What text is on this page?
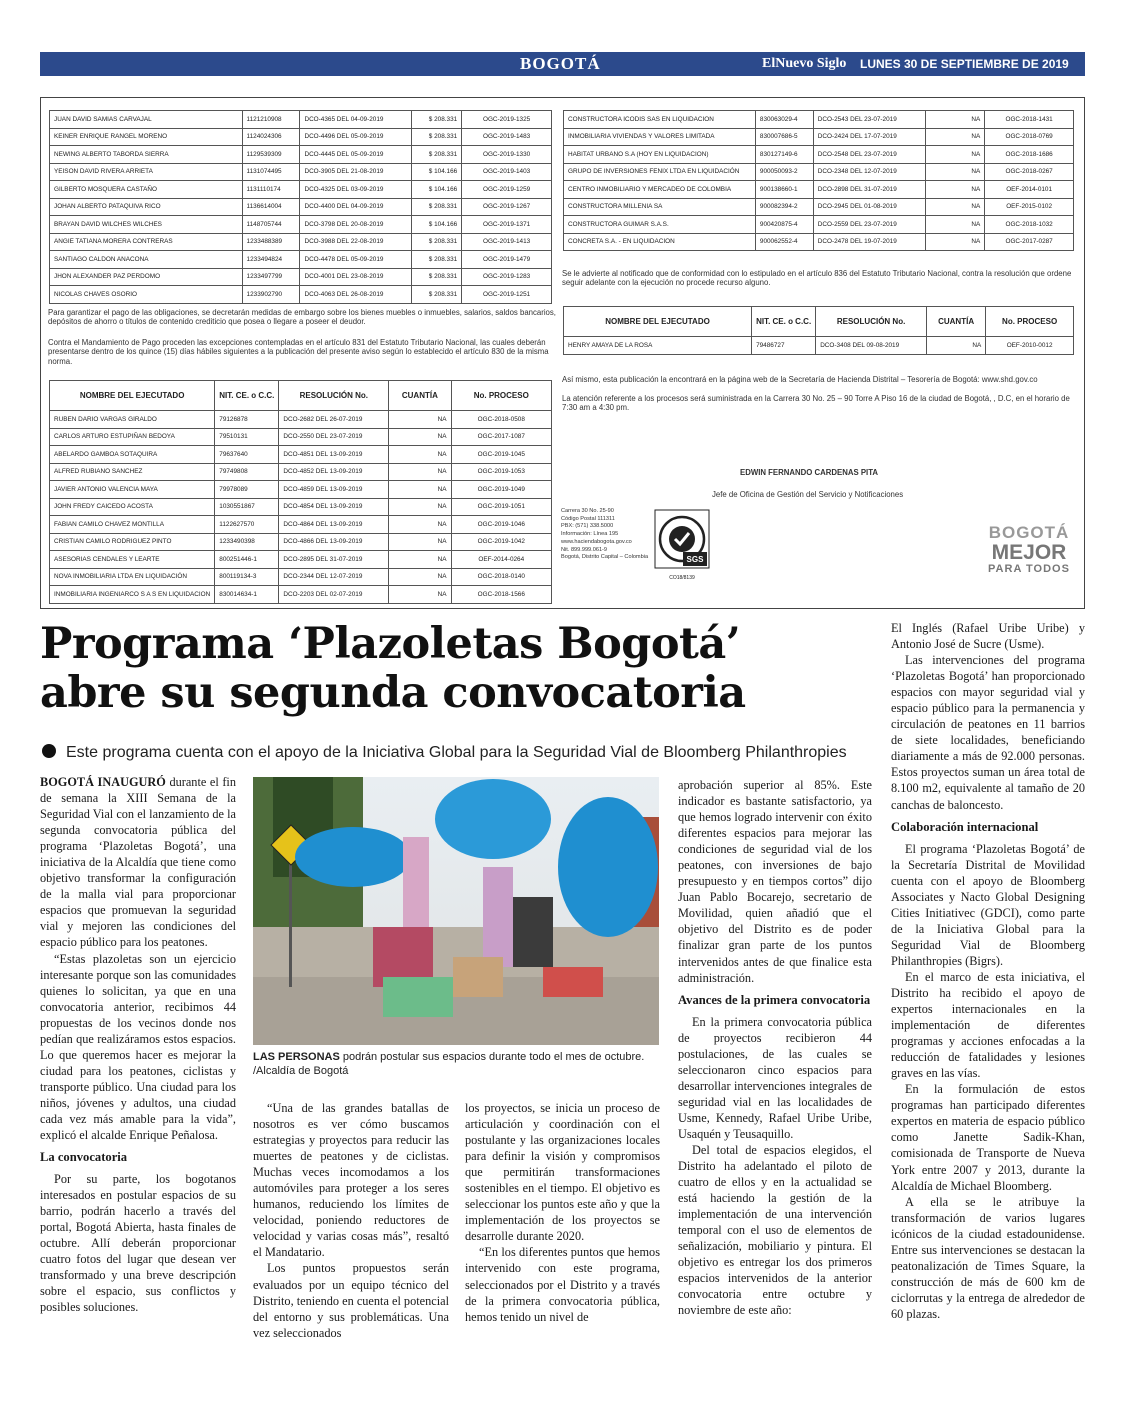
BOGOTÁ	ElNuevo Siglo LUNES 30 DE SEPTIEMBRE DE 2019 11B
JUAN DAVID SAMIAS CARVAJAL	1121210908	DCO-4365 DEL 04-09-2019	$ 208.331	OGC-2019-1325
KEINER ENRIQUE RANGEL MORENO	1124024306	DCO-4496 DEL 05-09-2019	$ 208.331	OGC-2019-1483
NEWING ALBERTO TABORDA SIERRA	1129539309	DCO-4445 DEL 05-09-2019	$ 208.331	OGC-2019-1330
YEISON DAVID RIVERA ARRIETA	1131074495	DCO-3905 DEL 21-08-2019	$ 104.166	OGC-2019-1403
GILBERTO MOSQUERA CASTAÑO	1131110174	DCO-4325 DEL 03-09-2019	$ 104.166	OGC-2019-1259
JOHAN ALBERTO PATAQUIVA RICO	1136614004	DCO-4400 DEL 04-09-2019	$ 208.331	OGC-2019-1267
BRAYAN DAVID WILCHES WILCHES	1148705744	DCO-3798 DEL 20-08-2019	$ 104.166	OGC-2019-1371
ANGIE TATIANA MORERA CONTRERAS	1233488389	DCO-3988 DEL 22-08-2019	$ 208.331	OGC-2019-1413
SANTIAGO CALDON ANACONA	1233494824	DCO-4478 DEL 05-09-2019	$ 208.331	OGC-2019-1479
JHON ALEXANDER PAZ PERDOMO	1233497799	DCO-4001 DEL 23-08-2019	$ 208.331	OGC-2019-1283
NICOLAS CHAVES OSORIO	1233902790	DCO-4063 DEL 26-08-2019	$ 208.331	OGC-2019-1251
CONSTRUCTORA ICODIS SAS EN LIQUIDACION	830063029-4	DCO-2543 DEL 23-07-2019	NA	OGC-2018-1431
INMOBILIARIA VIVIENDAS Y VALORES LIMITADA	830007686-5	DCO-2424 DEL 17-07-2019	NA	OGC-2018-0769
HABITAT URBANO S.A (HOY EN LIQUIDACION)	830127149-6	DCO-2548 DEL 23-07-2019	NA	OGC-2018-1686
GRUPO DE INVERSIONES FENIX LTDA EN LIQUIDACIÓN	900050093-2	DCO-2348 DEL 12-07-2019	NA	OGC-2018-0267
CENTRO INMOBILIARIO Y MERCADEO DE COLOMBIA	900138660-1	DCO-2898 DEL 31-07-2019	NA	OEF-2014-0101
CONSTRUCTORA MILLENIA SA	900082394-2	DCO-2945 DEL 01-08-2019	NA	OEF-2015-0102
CONSTRUCTORA GUIMAR S.A.S.	900420875-4	DCO-2559 DEL 23-07-2019	NA	OGC-2018-1032
CONCRETA S.A. - EN LIQUIDACION	900062552-4	DCO-2478 DEL 19-07-2019	NA	OGC-2017-0287
Se le advierte al notificado que de conformidad con lo estipulado en el artículo 836 del Estatuto Tributario Nacional, contra la resolución que ordene seguir adelante con la ejecución no procede recurso alguno.
Para garantizar el pago de las obligaciones, se decretarán medidas de embargo sobre los bienes muebles o inmuebles, salarios, saldos bancarios, depósitos de ahorro o títulos de contenido crediticio que posea o llegare a poseer el deudor.
Contra el Mandamiento de Pago proceden las excepciones contempladas en el artículo 831 del Estatuto Tributario Nacional, las cuales deberán presentarse dentro de los quince (15) días hábiles siguientes a la publicación del presente aviso según lo establecido el artículo 830 de la misma norma.
NOMBRE DEL EJECUTADO	NIT. CE. o C.C.	RESOLUCIÓN No.	CUANTÍA	No. PROCESO
HENRY AMAYA DE LA ROSA	79486727	DCO-3408 DEL 09-08-2019	NA	OEF-2010-0012
NOMBRE DEL EJECUTADO	NIT. CE. o C.C.	RESOLUCIÓN No.	CUANTÍA	No. PROCESO
RUBEN DARIO VARGAS GIRALDO	79126878	DCO-2682 DEL 26-07-2019	NA	OGC-2018-0508
CARLOS ARTURO ESTUPIÑAN BEDOYA	79510131	DCO-2550 DEL 23-07-2019	NA	OGC-2017-1087
ABELARDO GAMBOA SOTAQUIRA	79637640	DCO-4851 DEL 13-09-2019	NA	OGC-2019-1045
ALFRED RUBIANO SANCHEZ	79749808	DCO-4852 DEL 13-09-2019	NA	OGC-2019-1053
JAVIER ANTONIO VALENCIA MAYA	79978089	DCO-4859 DEL 13-09-2019	NA	OGC-2019-1049
JOHN FREDY CAICEDO ACOSTA	1030551867	DCO-4854 DEL 13-09-2019	NA	OGC-2019-1051
FABIAN CAMILO CHAVEZ MONTILLA	1122627570	DCO-4864 DEL 13-09-2019	NA	OGC-2019-1046
CRISTIAN CAMILO RODRIGUEZ PINTO	1233490398	DCO-4866 DEL 13-09-2019	NA	OGC-2019-1042
ASESORIAS CENDALES Y LEARTE	800251446-1	DCO-2895 DEL 31-07-2019	NA	OEF-2014-0264
NOVA INMOBILIARIA LTDA EN LIQUIDACIÓN	800119134-3	DCO-2344 DEL 12-07-2019	NA	OGC-2018-0140
INMOBILIARIA INGENIARCO S A S EN LIQUIDACION	830014634-1	DCO-2203 DEL 02-07-2019	NA	OGC-2018-1566
Así mismo, esta publicación la encontrará en la página web de la Secretaría de Hacienda Distrital – Tesorería de Bogotá: www.shd.gov.co
La atención referente a los procesos será suministrada en la Carrera 30 No. 25 – 90 Torre A Piso 16 de la ciudad de Bogotá, , D.C, en el horario de 7:30 am a 4:30 pm.
EDWIN FERNANDO CARDENAS PITA
Jefe de Oficina de Gestión del Servicio y Notificaciones
Carrera 30 No. 25-90
Código Postal 111311
PBX: (571) 338.5000
Información: Línea 195
www.haciendabogota.gov.co
Nit. 899.999.061-9
Bogotá, Distrito Capital – Colombia	SGS
CO18/8139
BOGOTÁ
MEJOR
PARA TODOS
Programa ‘Plazoletas Bogotá’
abre su segunda convocatoria
Este programa cuenta con el apoyo de la Iniciativa Global para la Seguridad Vial de Bloomberg Philanthropies

BOGOTÁ INAUGURÓ durante el fin de semana la XIII Semana de la Seguridad Vial con el lanzamiento de la segunda convocatoria pública del programa ‘Plazoletas Bogotá’, una iniciativa de la Alcaldía que tiene como objetivo transformar la configuración de la malla vial para proporcionar espacios que promuevan la seguridad vial y mejoren las condiciones del espacio público para los peatones.

“Estas plazoletas son un ejercicio interesante porque son las comunidades quienes lo solicitan, ya que en una convocatoria anterior, recibimos 44 propuestas de los vecinos donde nos pedían que realizáramos estos espacios. Lo que queremos hacer es mejorar la ciudad para los peatones, ciclistas y transporte público. Una ciudad para los niños, jóvenes y adultos, una ciudad cada vez más amable para la vida”, explicó el alcalde Enrique Peñalosa.

La convocatoria

Por su parte, los bogotanos interesados en postular espacios de su barrio, podrán hacerlo a través del portal, Bogotá Abierta, hasta finales de octubre. Allí deberán proporcionar cuatro fotos del lugar que desean ver transformado y una breve descripción sobre el espacio, sus conflictos y posibles soluciones.

LAS PERSONAS podrán postular sus espacios durante todo el mes de octubre. /Alcaldía de Bogotá

“Una de las grandes batallas de nosotros es ver cómo buscamos estrategias y proyectos para reducir las muertes de peatones y de ciclistas. Muchas veces incomodamos a los automóviles para proteger a los seres humanos, reduciendo los límites de velocidad, poniendo reductores de velocidad y varias cosas más”, resaltó el Mandatario.

Los puntos propuestos serán evaluados por un equipo técnico del Distrito, teniendo en cuenta el potencial del entorno y sus problemáticas. Una vez seleccionados

los proyectos, se inicia un proceso de articulación y coordinación con el postulante y las organizaciones locales para definir la visión y compromisos que permitirán transformaciones sostenibles en el tiempo. El objetivo es seleccionar los puntos este año y que la implementación de los proyectos se desarrolle durante 2020.

“En los diferentes puntos que hemos intervenido con este programa, seleccionados por el Distrito y a través de la primera convocatoria pública, hemos tenido un nivel de

aprobación superior al 85%. Este indicador es bastante satisfactorio, ya que hemos logrado intervenir con éxito diferentes espacios para mejorar las condiciones de seguridad vial de los peatones, con inversiones de bajo presupuesto y en tiempos cortos” dijo Juan Pablo Bocarejo, secretario de Movilidad, quien añadió que el objetivo del Distrito es de poder finalizar gran parte de los puntos intervenidos antes de que finalice esta administración.

Avances de la primera convocatoria

En la primera convocatoria pública de proyectos recibieron 44 postulaciones, de las cuales se seleccionaron cinco espacios para desarrollar intervenciones integrales de seguridad vial en las localidades de Usme, Kennedy, Rafael Uribe Uribe, Usaquén y Teusaquillo.

Del total de espacios elegidos, el Distrito ha adelantado el piloto de cuatro de ellos y en la actualidad se está haciendo la gestión de la implementación de una intervención temporal con el uso de elementos de señalización, mobiliario y pintura. El objetivo es entregar los dos primeros espacios intervenidos de la anterior convocatoria entre octubre y noviembre de este año:

El Inglés (Rafael Uribe Uribe) y Antonio José de Sucre (Usme).

Las intervenciones del programa ‘Plazoletas Bogotá’ han proporcionado espacios con mayor seguridad vial y espacio público para la permanencia y circulación de peatones en 11 barrios de siete localidades, beneficiando diariamente a más de 92.000 personas. Estos proyectos suman un área total de 8.100 m2, equivalente al tamaño de 20 canchas de baloncesto.

Colaboración internacional

El programa ‘Plazoletas Bogotá’ de la Secretaría Distrital de Movilidad cuenta con el apoyo de Bloomberg Associates y Nacto Global Designing Cities Initiativec (GDCI), como parte de la Iniciativa Global para la Seguridad Vial de Bloomberg Philanthropies (Bigrs).

En el marco de esta iniciativa, el Distrito ha recibido el apoyo de expertos internacionales en la implementación de diferentes programas y acciones enfocadas a la reducción de fatalidades y lesiones graves en las vías.

En la formulación de estos programas han participado diferentes expertos en materia de espacio público como Janette Sadik-Khan, comisionada de Transporte de Nueva York entre 2007 y 2013, durante la Alcaldía de Michael Bloomberg.

A ella se le atribuye la transformación de varios lugares icónicos de la ciudad estadounidense. Entre sus intervenciones se destacan la peatonalización de Times Square, la construcción de más de 600 km de ciclorrutas y la entrega de alrededor de 60 plazas.
